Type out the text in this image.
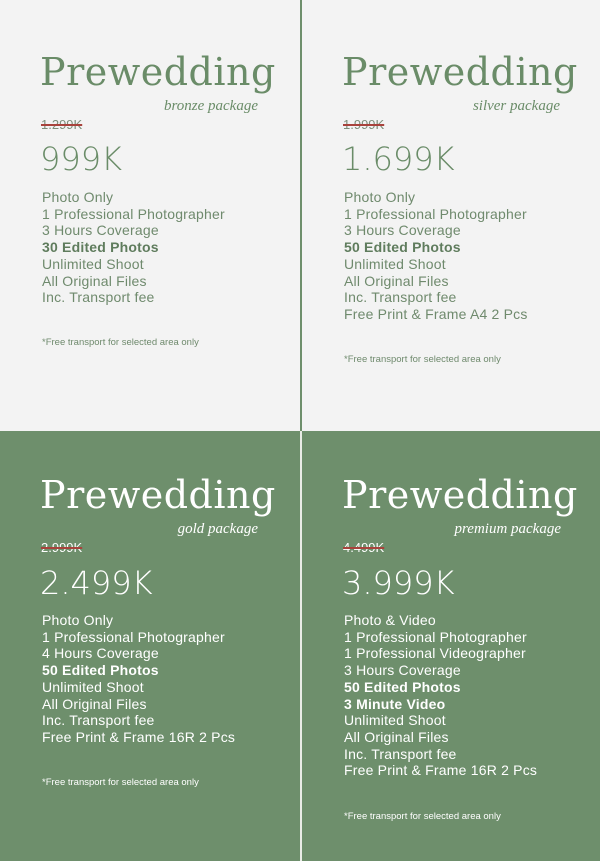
Prewedding
bronze package
1.299K
999K
Photo Only
1 Professional Photographer
3 Hours Coverage
30 Edited Photos
Unlimited Shoot
All Original Files
Inc. Transport fee
*Free transport for selected area only
Prewedding
silver package
1.999K
1.699K
Photo Only
1 Professional Photographer
3 Hours Coverage
50 Edited Photos
Unlimited Shoot
All Original Files
Inc. Transport fee
Free Print & Frame A4 2 Pcs
*Free transport for selected area only
Prewedding
gold package
2.999K
2.499K
Photo Only
1 Professional Photographer
4 Hours Coverage
50 Edited Photos
Unlimited Shoot
All Original Files
Inc. Transport fee
Free Print & Frame 16R 2 Pcs
*Free transport for selected area only
Prewedding
premium package
4.499K
3.999K
Photo & Video
1 Professional Photographer
1 Professional Videographer
3 Hours Coverage
50 Edited Photos
3 Minute Video
Unlimited Shoot
All Original Files
Inc. Transport fee
Free Print & Frame 16R 2 Pcs
*Free transport for selected area only
